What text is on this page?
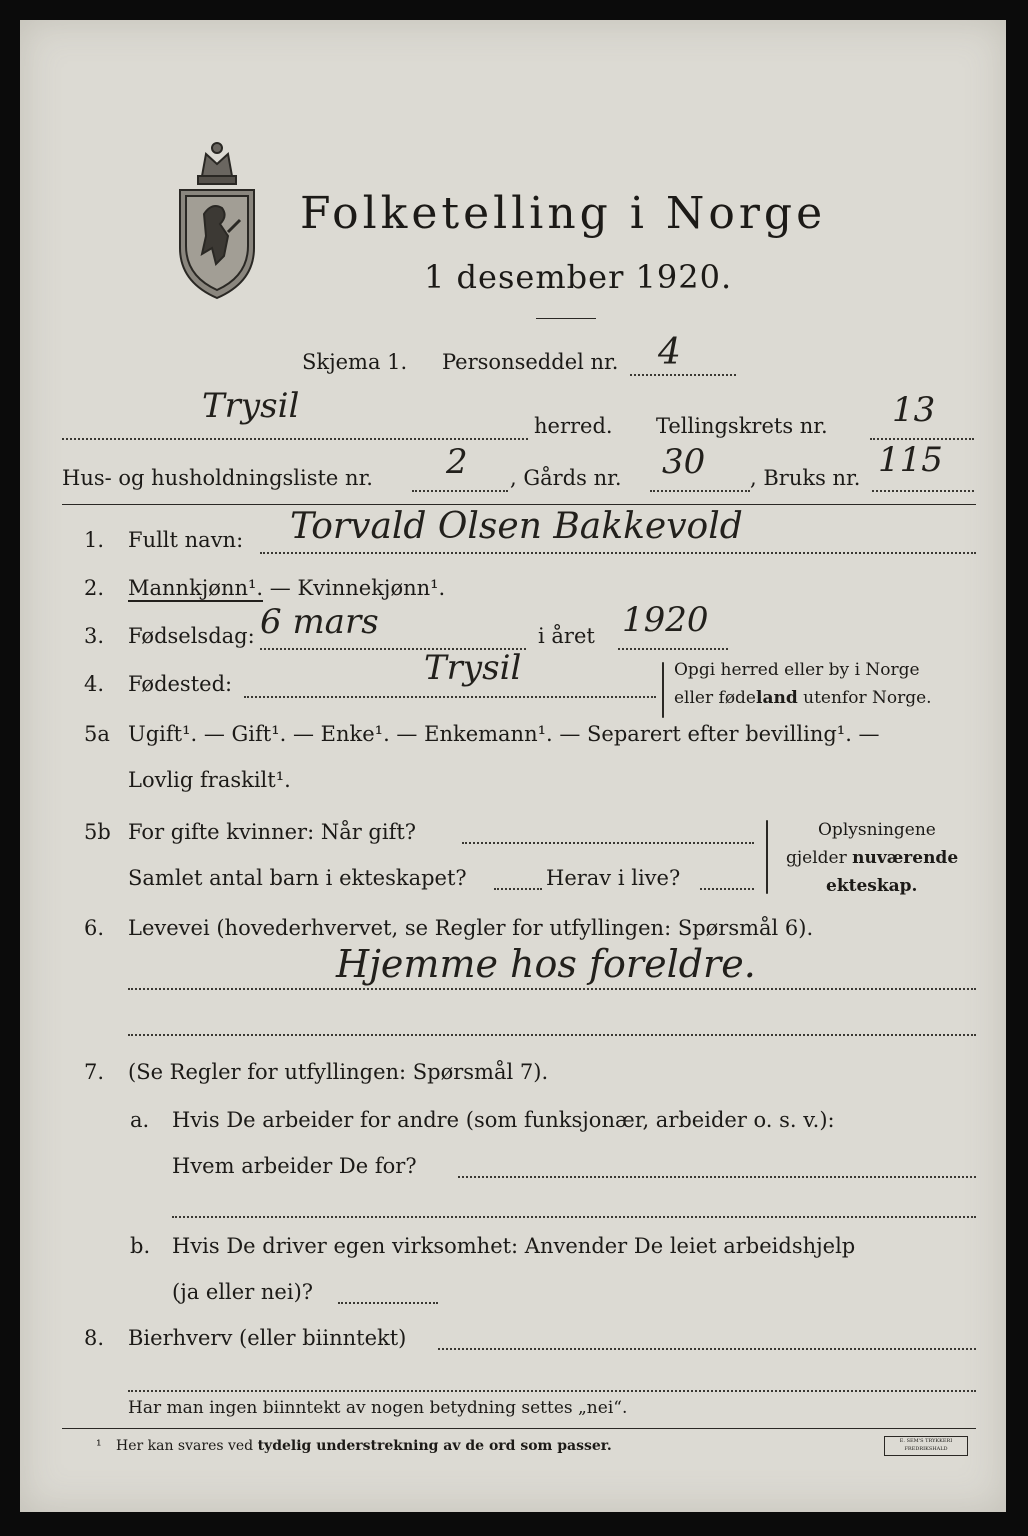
Folketelling i Norge
1 desember 1920.
Skjema 1. Personseddel nr. 4
Trysil	herred. Tellingskrets nr. 13
Hus- og husholdningsliste nr. 2 , Gårds nr. 30 , Bruks nr. 115
1. Fullt navn: Torvald Olsen Bakkevold
2. Mannkjønn¹. — Kvinnekjønn¹.
3. Fødselsdag: 6 mars	i året 1920
4. Fødested:	Trysil	Opgi herred eller by i Norge
eller fødeland utenfor Norge.
5a Ugift¹. — Gift¹. — Enke¹. — Enkemann¹. — Separert efter bevilling¹. —
Lovlig fraskilt¹.
5b For gifte kvinner: Når gift?
Samlet antal barn i ekteskapet?	Herav i live?
Oplysningene
gjelder nuværende
ekteskap.
6. Levevei (hovederhvervet, se Regler for utfyllingen: Spørsmål 6).
Hjemme hos foreldre.
7. (Se Regler for utfyllingen: Spørsmål 7).
a. Hvis De arbeider for andre (som funksjonær, arbeider o. s. v.):
Hvem arbeider De for?
b. Hvis De driver egen virksomhet: Anvender De leiet arbeidshjelp
(ja eller nei)?
8. Bierhverv (eller biinntekt)
Har man ingen biinntekt av nogen betydning settes „nei“.
¹ Her kan svares ved tydelig understrekning av de ord som passer.	E. SEM'S TRYKKERI FREDRIKSHALD
